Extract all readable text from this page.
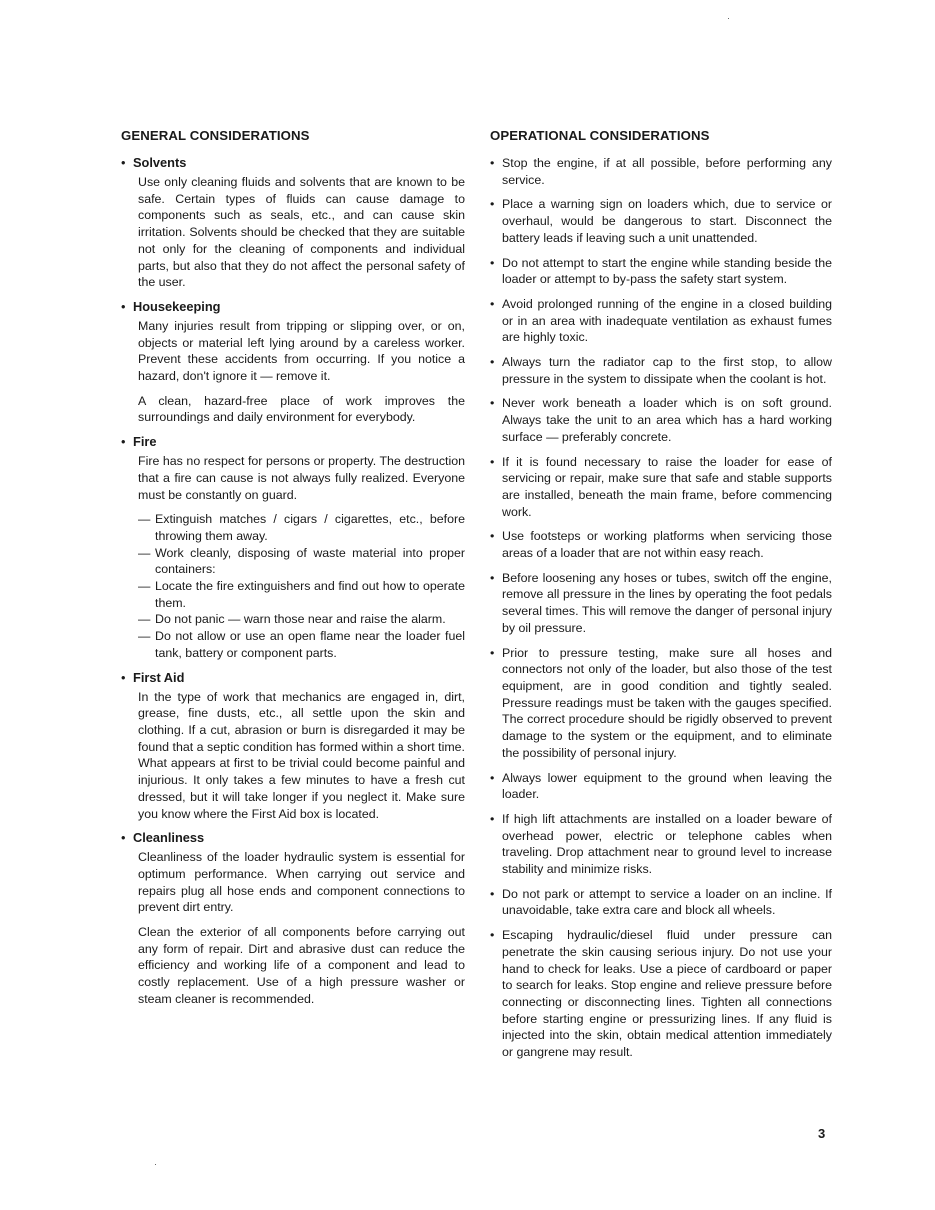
GENERAL CONSIDERATIONS
• Solvents

Use only cleaning fluids and solvents that are known to be safe. Certain types of fluids can cause damage to components such as seals, etc., and can cause skin irritation. Solvents should be checked that they are suitable not only for the cleaning of components and individual parts, but also that they do not affect the personal safety of the user.

• Housekeeping

Many injuries result from tripping or slipping over, or on, objects or material left lying around by a careless worker. Prevent these accidents from occurring. If you notice a hazard, don't ignore it — remove it.

A clean, hazard-free place of work improves the surroundings and daily environment for everybody.

• Fire

Fire has no respect for persons or property. The destruction that a fire can cause is not always fully realized. Everyone must be constantly on guard.

— Extinguish matches / cigars / cigarettes, etc., before throwing them away.
— Work cleanly, disposing of waste material into proper containers:
— Locate the fire extinguishers and find out how to operate them.
— Do not panic — warn those near and raise the alarm.
— Do not allow or use an open flame near the loader fuel tank, battery or component parts.
• First Aid

In the type of work that mechanics are engaged in, dirt, grease, fine dusts, etc., all settle upon the skin and clothing. If a cut, abrasion or burn is disregarded it may be found that a septic condition has formed within a short time. What appears at first to be trivial could become painful and injurious. It only takes a few minutes to have a fresh cut dressed, but it will take longer if you neglect it. Make sure you know where the First Aid box is located.

• Cleanliness

Cleanliness of the loader hydraulic system is essential for optimum performance. When carrying out service and repairs plug all hose ends and component connections to prevent dirt entry.

Clean the exterior of all components before carrying out any form of repair. Dirt and abrasive dust can reduce the efficiency and working life of a component and lead to costly replacement. Use of a high pressure washer or steam cleaner is recommended.

OPERATIONAL CONSIDERATIONS
• Stop the engine, if at all possible, before performing any service.
• Place a warning sign on loaders which, due to service or overhaul, would be dangerous to start. Disconnect the battery leads if leaving such a unit unattended.
• Do not attempt to start the engine while standing beside the loader or attempt to by-pass the safety start system.
• Avoid prolonged running of the engine in a closed building or in an area with inadequate ventilation as exhaust fumes are highly toxic.
• Always turn the radiator cap to the first stop, to allow pressure in the system to dissipate when the coolant is hot.
• Never work beneath a loader which is on soft ground. Always take the unit to an area which has a hard working surface — preferably concrete.
• If it is found necessary to raise the loader for ease of servicing or repair, make sure that safe and stable supports are installed, beneath the main frame, before commencing work.
• Use footsteps or working platforms when servicing those areas of a loader that are not within easy reach.
• Before loosening any hoses or tubes, switch off the engine, remove all pressure in the lines by operating the foot pedals several times. This will remove the danger of personal injury by oil pressure.
• Prior to pressure testing, make sure all hoses and connectors not only of the loader, but also those of the test equipment, are in good condition and tightly sealed. Pressure readings must be taken with the gauges specified. The correct procedure should be rigidly observed to prevent damage to the system or the equipment, and to eliminate the possibility of personal injury.
• Always lower equipment to the ground when leaving the loader.
• If high lift attachments are installed on a loader beware of overhead power, electric or telephone cables when traveling. Drop attachment near to ground level to increase stability and minimize risks.
• Do not park or attempt to service a loader on an incline. If unavoidable, take extra care and block all wheels.
• Escaping hydraulic/diesel fluid under pressure can penetrate the skin causing serious injury. Do not use your hand to check for leaks. Use a piece of cardboard or paper to search for leaks. Stop engine and relieve pressure before connecting or disconnecting lines. Tighten all connections before starting engine or pressurizing lines. If any fluid is injected into the skin, obtain medical attention immediately or gangrene may result.
3
